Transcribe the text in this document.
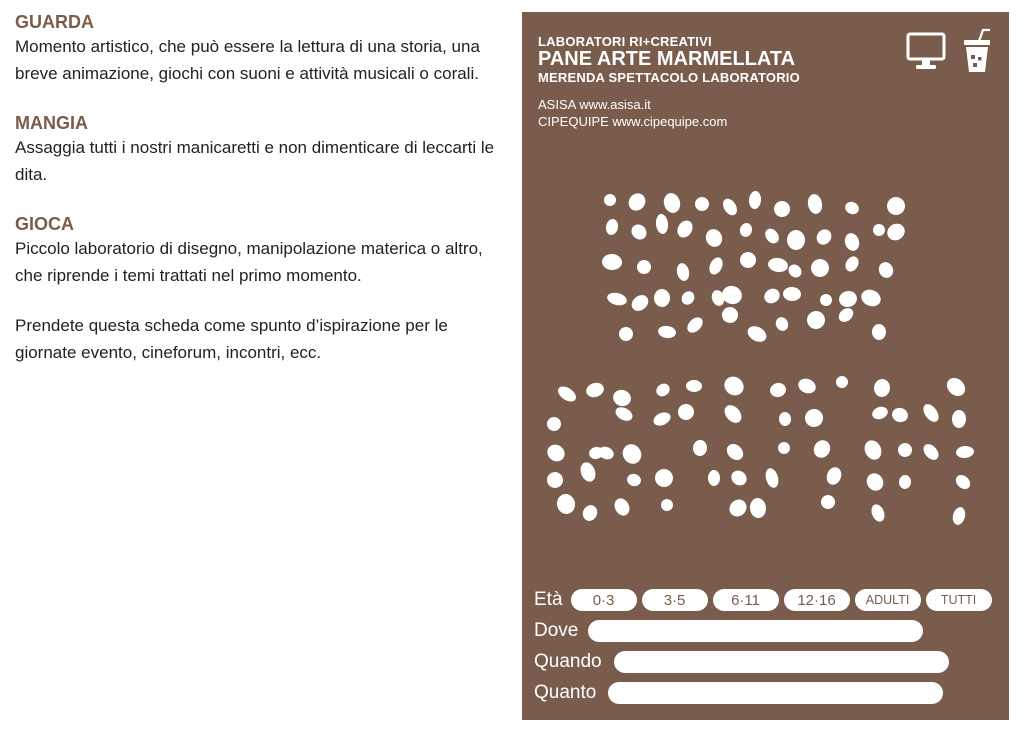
GUARDA

Momento artistico, che può essere la lettura di una storia, una breve animazione, giochi con suoni e attività musicali o corali.

MANGIA

Assaggia tutti i nostri manicaretti e non dimenticare di leccarti le dita.

GIOCA

Piccolo laboratorio di disegno, manipolazione materica o altro, che riprende i temi trattati nel primo momento.

Prendete questa scheda come spunto d’ispirazione per le giornate evento, cineforum, incontri, ecc.

LABORATORI RI+CREATIVI
PANE ARTE MARMELLATA
MERENDA SPETTACOLO LABORATORIO
ASISA www.asisa.it
CIPEQUIPE www.cipequipe.com
Età	0·3	3·5	6·11	12·16	ADULTI	TUTTI
Dove
Quando
Quanto
